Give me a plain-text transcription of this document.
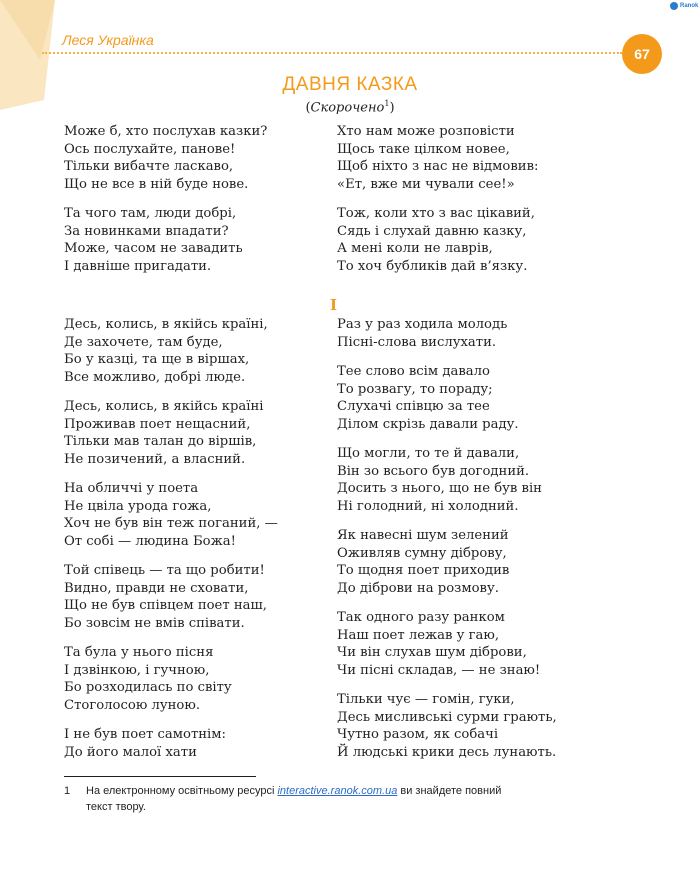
Ranok
Леся Українка
67
ДАВНЯ КАЗКА
(Скорочено$^1$)
Може б, хто послухав казки?
Ось послухайте, панове!
Тільки вибачте ласкаво,
Що не все в ній буде нове.
Та чого там, люди добрі,
За новинками впадати?
Може, часом не завадить
І давніше пригадати.
Хто нам може розповісти
Щось таке цілком новее,
Щоб ніхто з нас не відмовив:
«Ет, вже ми чували сее!»
Тож, коли хто з вас цікавий,
Сядь і слухай давню казку,
А мені коли не лаврів,
То хоч бубликів дай в’язку.
I
Десь, колись, в якійсь країні,
Де захочете, там буде,
Бо у казці, та ще в віршах,
Все можливо, добрі люде.
Десь, колись, в якійсь країні
Проживав поет нещасний,
Тільки мав талан до віршів,
Не позичений, а власний.
На обличчі у поета
Не цвіла урода гожа,
Хоч не був він теж поганий, —
От собі — людина Божа!
Той співець — та що робити!
Видно, правди не сховати,
Що не був співцем поет наш,
Бо зовсім не вмів співати.
Та була у нього пісня
І дзвінкою, і гучною,
Бо розходилась по світу
Стоголосою луною.
І не був поет самотнім:
До його малої хати
Раз у раз ходила молодь
Пісні-слова вислухати.
Тее слово всім давало
То розвагу, то пораду;
Слухачі співцю за тее
Ділом скрізь давали раду.
Що могли, то те й давали,
Він зо всього був догодний.
Досить з нього, що не був він
Ні голодний, ні холодний.
Як навесні шум зелений
Оживляв сумну діброву,
То щодня поет приходив
До діброви на розмову.
Так одного разу ранком
Наш поет лежав у гаю,
Чи він слухав шум діброви,
Чи пісні складав, — не знаю!
Тільки чує — гомін, гуки,
Десь мисливські сурми грають,
Чутно разом, як собачі
Й людські крики десь лунають.
1 На електронному освітньому ресурсі interactive.ranok.com.ua ви знайдете повний
текст твору.
